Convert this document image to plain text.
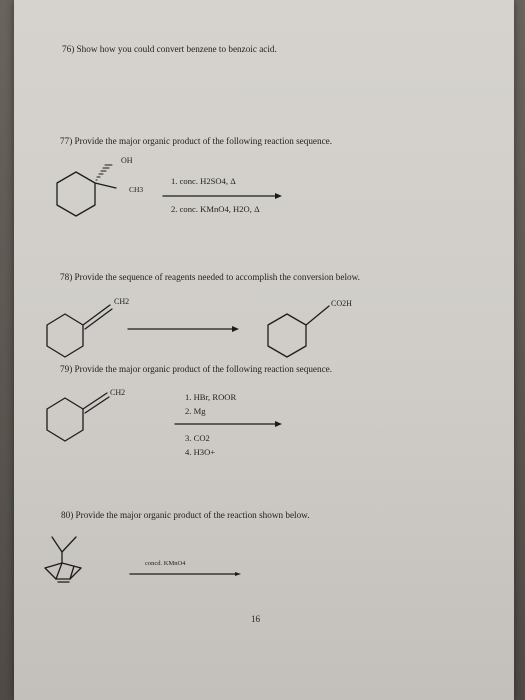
76) Show how you could convert benzene to benzoic acid.
77) Provide the major organic product of the following reaction sequence.
78) Provide the sequence of reagents needed to accomplish the conversion below.
79) Provide the major organic product of the following reaction sequence.
80) Provide the major organic product of the reaction shown below.
OH
CH3
1. conc. H2SO4, Δ
2. conc. KMnO4, H2O, Δ
CH2	CO2H
CH2	1. HBr, ROOR
2. Mg
3. CO2
4. H3O+
concd. KMnO4
16
